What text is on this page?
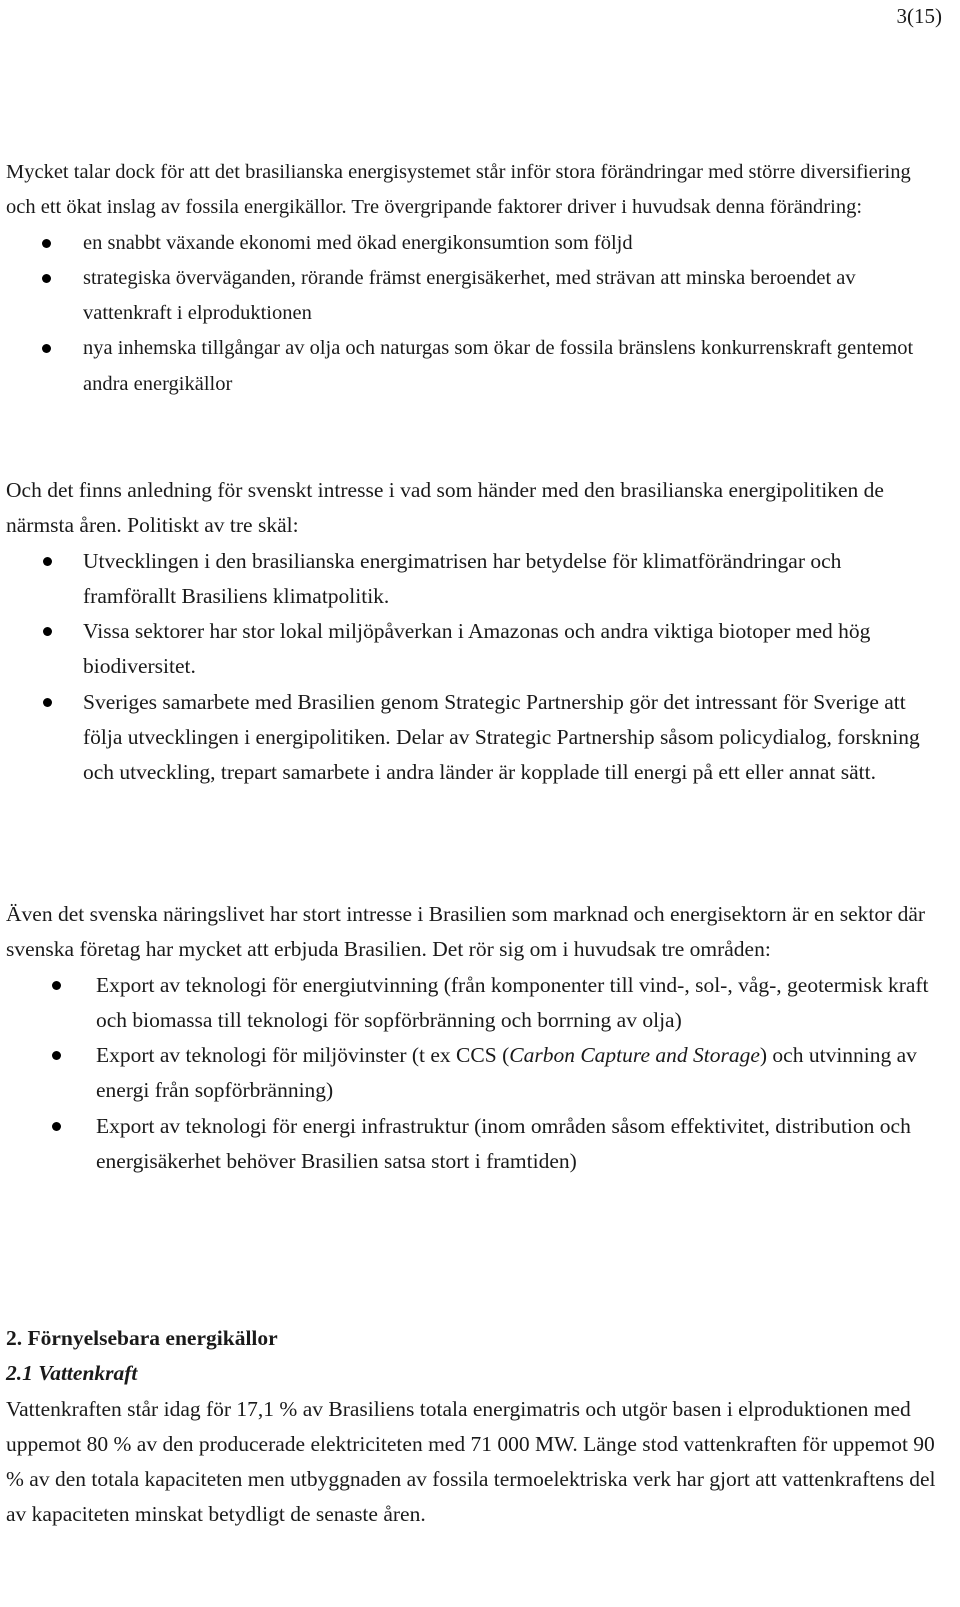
3(15)

Mycket talar dock för att det brasilianska energisystemet står inför stora förändringar med större diversifiering och ett ökat inslag av fossila energikällor. Tre övergripande faktorer driver i huvudsak denna förändring:

en snabbt växande ekonomi med ökad energikonsumtion som följd
strategiska överväganden, rörande främst energisäkerhet, med strävan att minska beroendet av vattenkraft i elproduktionen
nya inhemska tillgångar av olja och naturgas som ökar de fossila bränslens konkurrenskraft gentemot andra energikällor

Och det finns anledning för svenskt intresse i vad som händer med den brasilianska energipolitiken de närmsta åren. Politiskt av tre skäl:

Utvecklingen i den brasilianska energimatrisen har betydelse för klimatförändringar och framförallt Brasiliens klimatpolitik.
Vissa sektorer har stor lokal miljöpåverkan i Amazonas och andra viktiga biotoper med hög biodiversitet.
Sveriges samarbete med Brasilien genom Strategic Partnership gör det intressant för Sverige att följa utvecklingen i energipolitiken. Delar av Strategic Partnership såsom policydialog, forskning och utveckling, trepart samarbete i andra länder är kopplade till energi på ett eller annat sätt.

Även det svenska näringslivet har stort intresse i Brasilien som marknad och energisektorn är en sektor där svenska företag har mycket att erbjuda Brasilien. Det rör sig om i huvudsak tre områden:

Export av teknologi för energiutvinning (från komponenter till vind-, sol-, våg-, geotermisk kraft och biomassa till teknologi för sopförbränning och borrning av olja)
Export av teknologi för miljövinster (t ex CCS (Carbon Capture and Storage) och utvinning av energi från sopförbränning)
Export av teknologi för energi infrastruktur (inom områden såsom effektivitet, distribution och energisäkerhet behöver Brasilien satsa stort i framtiden)

2. Förnyelsebara energikällor

2.1 Vattenkraft

Vattenkraften står idag för 17,1 % av Brasiliens totala energimatris och utgör basen i elproduktionen med uppemot 80 % av den producerade elektriciteten med 71 000 MW. Länge stod vattenkraften för uppemot 90 % av den totala kapaciteten men utbyggnaden av fossila termoelektriska verk har gjort att vattenkraftens del av kapaciteten minskat betydligt de senaste åren.
